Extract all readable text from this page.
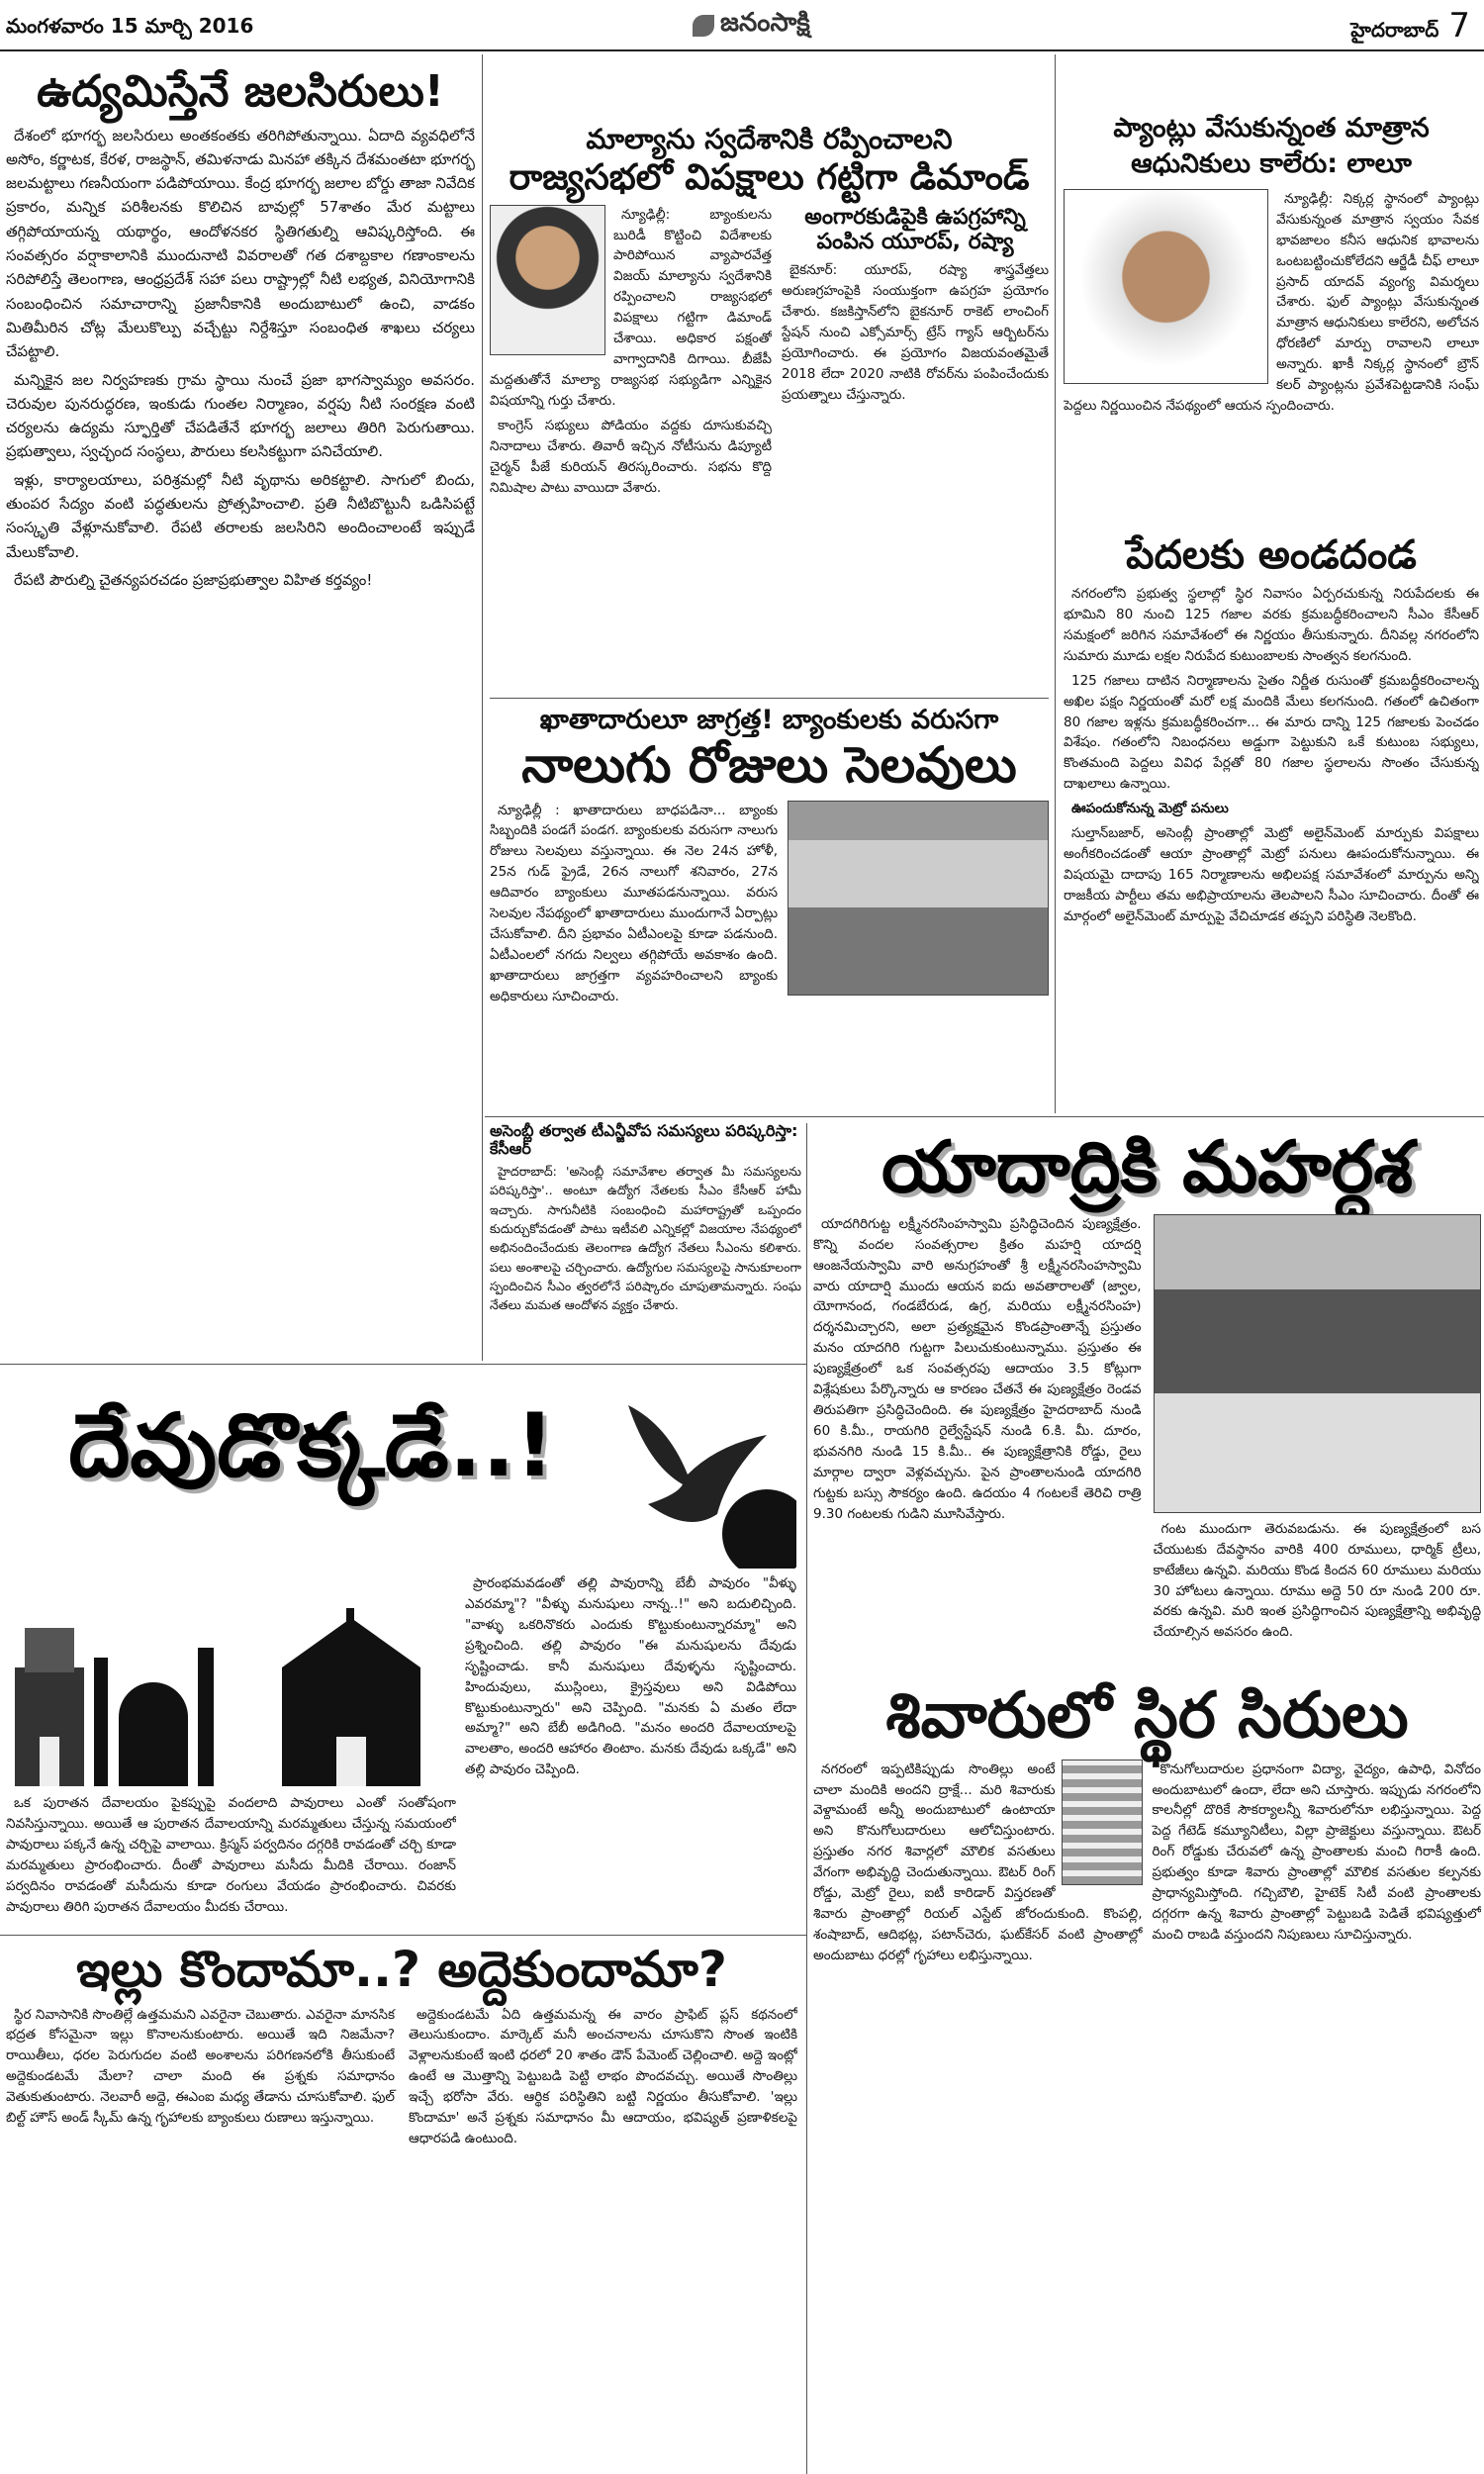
మంగళవారం 15 మార్చి 2016	జనంసాక్షి	హైదరాబాద్ 7
ఉద్యమిస్తేనే జలసిరులు!

దేశంలో భూగర్భ జలసిరులు అంతకంతకు తరిగిపోతున్నాయి. ఏదాది వ్యవధిలోనే అసోం, కర్ణాటక, కేరళ, రాజస్థాన్, తమిళనాడు మినహా తక్కిన దేశమంతటా భూగర్భ జలమట్టాలు గణనీయంగా పడిపోయాయి. కేంద్ర భూగర్భ జలాల బోర్డు తాజా నివేదిక ప్రకారం, మన్నిక పరిశీలనకు కొలిచిన బావుల్లో 57శాతం మేర మట్టాలు తగ్గిపోయాయన్న యథార్థం, ఆందోళనకర స్థితిగతుల్ని ఆవిష్కరిస్తోంది. ఈ సంవత్సరం వర్షాకాలానికి ముందునాటి వివరాలతో గత దశాబ్దకాల గణాంకాలను సరిపోలిస్తే తెలంగాణ, ఆంధ్రప్రదేశ్ సహా పలు రాష్ట్రాల్లో నీటి లభ్యత, వినియోగానికి సంబంధించిన సమాచారాన్ని ప్రజానీకానికి అందుబాటులో ఉంచి, వాడకం మితిమీరిన చోట్ల మేలుకొల్పు వచ్చేట్టు నిర్దేశిస్తూ సంబంధిత శాఖలు చర్యలు చేపట్టాలి.

మన్నికైన జల నిర్వహణకు గ్రామ స్థాయి నుంచే ప్రజా భాగస్వామ్యం అవసరం. చెరువుల పునరుద్ధరణ, ఇంకుడు గుంతల నిర్మాణం, వర్షపు నీటి సంరక్షణ వంటి చర్యలను ఉద్యమ స్ఫూర్తితో చేపడితేనే భూగర్భ జలాలు తిరిగి పెరుగుతాయి. ప్రభుత్వాలు, స్వచ్ఛంద సంస్థలు, పౌరులు కలసికట్టుగా పనిచేయాలి.

ఇళ్లు, కార్యాలయాలు, పరిశ్రమల్లో నీటి వృథాను అరికట్టాలి. సాగులో బిందు, తుంపర సేద్యం వంటి పద్ధతులను ప్రోత్సహించాలి. ప్రతి నీటిబొట్టునీ ఒడిసిపట్టే సంస్కృతి వేళ్లూనుకోవాలి. రేపటి తరాలకు జలసిరిని అందించాలంటే ఇప్పుడే మేలుకోవాలి.

రేపటి పౌరుల్ని చైతన్యపరచడం ప్రజాప్రభుత్వాల విహిత కర్తవ్యం!

మాల్యాను స్వదేశానికి రప్పించాలని
రాజ్యసభలో విపక్షాలు గట్టిగా డిమాండ్

న్యూఢిల్లీ: బ్యాంకులను బురిడీ కొట్టించి విదేశాలకు పారిపోయిన వ్యాపారవేత్త విజయ్ మాల్యాను స్వదేశానికి రప్పించాలని రాజ్యసభలో విపక్షాలు గట్టిగా డిమాండ్ చేశాయి. అధికార పక్షంతో వాగ్వాదానికి దిగాయి. బీజేపీ మద్దతుతోనే మాల్యా రాజ్యసభ సభ్యుడిగా ఎన్నికైన విషయాన్ని గుర్తు చేశారు.

కాంగ్రెస్ సభ్యులు పోడియం వద్దకు దూసుకువచ్చి నినాదాలు చేశారు. తివారీ ఇచ్చిన నోటీసును డిప్యూటీ చైర్మన్ పీజే కురియన్ తిరస్కరించారు. సభను కొద్ది నిమిషాల పాటు వాయిదా వేశారు.

అంగారకుడిపైకి ఉపగ్రహాన్ని పంపిన యూరప్, రష్యా

బైకనూర్: యూరప్, రష్యా శాస్త్రవేత్తలు అరుణగ్రహంపైకి సంయుక్తంగా ఉపగ్రహ ప్రయోగం చేశారు. కజకిస్తాన్‌లోని బైకనూర్ రాకెట్ లాంచింగ్ స్టేషన్ నుంచి ఎక్సోమార్స్ ట్రేస్ గ్యాస్ ఆర్బిటర్‌ను ప్రయోగించారు. ఈ ప్రయోగం విజయవంతమైతే 2018 లేదా 2020 నాటికి రోవర్‌ను పంపించేందుకు ప్రయత్నాలు చేస్తున్నారు.

ప్యాంట్లు వేసుకున్నంత మాత్రాన ఆధునికులు కాలేరు: లాలూ

న్యూఢిల్లీ: నిక్కర్ల స్థానంలో ప్యాంట్లు వేసుకున్నంత మాత్రాన స్వయం సేవక భావజాలం కనీస ఆధునిక భావాలను ఒంటబట్టించుకోలేదని ఆర్జేడీ చీఫ్ లాలూ ప్రసాద్ యాదవ్ వ్యంగ్య విమర్శలు చేశారు. ఫుల్ ప్యాంట్లు వేసుకున్నంత మాత్రాన ఆధునికులు కాలేరని, అలోచన ధోరణిలో మార్పు రావాలని లాలూ అన్నారు. ఖాకీ నిక్కర్ల స్థానంలో బ్రౌన్ కలర్ ప్యాంట్లను ప్రవేశపెట్టడానికి సంఘ్ పెద్దలు నిర్ణయించిన నేపథ్యంలో ఆయన స్పందించారు.

పేదలకు అండదండ

నగరంలోని ప్రభుత్వ స్థలాల్లో స్థిర నివాసం ఏర్పరచుకున్న నిరుపేదలకు ఈ భూమిని 80 నుంచి 125 గజాల వరకు క్రమబద్ధీకరించాలని సీఎం కేసీఆర్ సమక్షంలో జరిగిన సమావేశంలో ఈ నిర్ణయం తీసుకున్నారు. దీనివల్ల నగరంలోని సుమారు మూడు లక్షల నిరుపేద కుటుంబాలకు సాంత్వన కలగనుంది.

125 గజాలు దాటిన నిర్మాణాలను సైతం నిర్ణీత రుసుంతో క్రమబద్ధీకరించాలన్న అఖిల పక్షం నిర్ణయంతో మరో లక్ష మందికి మేలు కలగనుంది. గతంలో ఉచితంగా 80 గజాల ఇళ్లను క్రమబద్ధీకరించగా... ఈ మారు దాన్ని 125 గజాలకు పెంచడం విశేషం. గతంలోని నిబంధనలు అడ్డుగా పెట్టుకుని ఒకే కుటుంబ సభ్యులు, కొంతమంది పెద్దలు వివిధ పేర్లతో 80 గజాల స్థలాలను సొంతం చేసుకున్న దాఖలాలు ఉన్నాయి.

ఊపందుకోనున్న మెట్రో పనులు

సుల్తాన్‌బజార్, అసెంబ్లీ ప్రాంతాల్లో మెట్రో అలైన్‌మెంట్ మార్పుకు విపక్షాలు అంగీకరించడంతో ఆయా ప్రాంతాల్లో మెట్రో పనులు ఊపందుకోనున్నాయి. ఈ విషయమై దాదాపు 165 నిర్మాణాలను అభిలపక్ష సమావేశంలో మార్పును అన్ని రాజకీయ పార్టీలు తమ అభిప్రాయాలను తెలపాలని సీఎం సూచించారు. దీంతో ఈ మార్గంలో అలైన్‌మెంట్ మార్పుపై వేచిచూడక తప్పని పరిస్థితి నెలకొంది.

ఖాతాదారులూ జాగ్రత్త! బ్యాంకులకు వరుసగా
నాలుగు రోజులు సెలవులు

న్యూఢిల్లీ : ఖాతాదారులు బాధపడినా... బ్యాంకు సిబ్బందికి పండగే పండగ. బ్యాంకులకు వరుసగా నాలుగు రోజులు సెలవులు వస్తున్నాయి. ఈ నెల 24న హోళీ, 25న గుడ్ ఫ్రైడే, 26న నాలుగో శనివారం, 27న ఆదివారం బ్యాంకులు మూతపడనున్నాయి. వరుస సెలవుల నేపథ్యంలో ఖాతాదారులు ముందుగానే ఏర్పాట్లు చేసుకోవాలి. దీని ప్రభావం ఏటీఎంలపై కూడా పడనుంది. ఏటీఎంలలో నగదు నిల్వలు తగ్గిపోయే అవకాశం ఉంది. ఖాతాదారులు జాగ్రత్తగా వ్యవహరించాలని బ్యాంకు అధికారులు సూచించారు.

అసెంబ్లీ తర్వాత టీఎన్జీవోప సమస్యలు పరిష్కరిస్తా: కేసీఆర్

హైదరాబాద్: 'అసెంబ్లీ సమావేశాల తర్వాత మీ సమస్యలను పరిష్కరిస్తా'.. అంటూ ఉద్యోగ నేతలకు సీఎం కేసీఆర్ హామీ ఇచ్చారు. సాగునీటికి సంబంధించి మహారాష్ట్రతో ఒప్పందం కుదుర్చుకోవడంతో పాటు ఇటీవలి ఎన్నికల్లో విజయాల నేపథ్యంలో అభినందించేందుకు తెలంగాణ ఉద్యోగ నేతలు సీఎంను కలిశారు. పలు అంశాలపై చర్చించారు. ఉద్యోగుల సమస్యలపై సానుకూలంగా స్పందించిన సీఎం త్వరలోనే పరిష్కారం చూపుతామన్నారు. సంఘ నేతలు మమత ఆందోళన వ్యక్తం చేశారు.

యాదాద్రికి మహర్దశ

యాదగిరిగుట్ట లక్ష్మీనరసింహస్వామి ప్రసిద్ధిచెందిన పుణ్యక్షేత్రం. కొన్ని వందల సంవత్సరాల క్రితం మహర్షి యాదర్షి ఆంజనేయస్వామి వారి అనుగ్రహంతో శ్రీ లక్ష్మీనరసింహస్వామి వారు యాదార్షి ముందు ఆయన ఐదు అవతారాలతో (జ్వాల, యోగానంద, గండబేరుడ, ఉగ్ర, మరియు లక్ష్మీనరసింహ) దర్శనమిచ్చారని, అలా ప్రత్యక్షమైన కొండప్రాంతాన్నే ప్రస్తుతం మనం యాదగిరి గుట్టగా పిలుచుకుంటున్నాము. ప్రస్తుతం ఈ పుణ్యక్షేత్రంలో ఒక సంవత్సరపు ఆదాయం 3.5 కోట్లుగా విశ్లేషకులు పేర్కొన్నారు ఆ కారణం చేతనే ఈ పుణ్యక్షేత్రం రెండవ తిరుపతిగా ప్రసిద్ధిచెందింది. ఈ పుణ్యక్షేత్రం హైదరాబాద్ నుండి 60 కి.మీ., రాయగిరి రైల్వేస్టేషన్ నుండి 6.కి. మీ. దూరం, భువనగిరి నుండి 15 కి.మీ.. ఈ పుణ్యక్షేత్రానికి రోడ్డు, రైలు మార్గాల ద్వారా వెళ్లవచ్చును. పైన ప్రాంతాలనుండి యాదగిరి గుట్టకు బస్సు సౌకర్యం ఉంది. ఉదయం 4 గంటలకే తెరిచి రాత్రి 9.30 గంటలకు గుడిని మూసివేస్తారు.

గంట ముందుగా తెరువబడును. ఈ పుణ్యక్షేత్రంలో బస చేయుటకు దేవస్థానం వారికి 400 రూములు, ధార్మిక్ ట్రీలు, కాటేజీలు ఉన్నవి. మరియు కొండ కిందన 60 రూములు మరియు 30 హోటలు ఉన్నాయి. రూము అద్దె 50 రూ నుండి 200 రూ. వరకు ఉన్నవి. మరి ఇంత ప్రసిద్ధిగాంచిన పుణ్యక్షేత్రాన్ని అభివృద్ధి చేయాల్సిన అవసరం ఉంది.

దేవుడొక్కడే..!

ప్రారంభమవడంతో తల్లి పావురాన్ని బేబీ పావురం "వీళ్ళు ఎవరమ్మా"? "వీళ్ళు మనుషులు నాన్న..!" అని బదులిచ్చింది. "వాళ్ళు ఒకరినొకరు ఎందుకు కొట్టుకుంటున్నారమ్మా" అని ప్రశ్నించింది. తల్లి పావురం "ఈ మనుషులను దేవుడు సృష్టించాడు. కానీ మనుషులు దేవుళ్ళను సృష్టించారు. హిందువులు, ముస్లింలు, క్రైస్తవులు అని విడిపోయి కొట్టుకుంటున్నారు" అని చెప్పింది. "మనకు ఏ మతం లేదా అమ్మా?" అని బేబీ అడిగింది. "మనం అందరి దేవాలయాలపై వాలతాం, అందరి ఆహారం తింటాం. మనకు దేవుడు ఒక్కడే" అని తల్లి పావురం చెప్పింది.

ఒక పురాతన దేవాలయం పైకప్పుపై వందలాది పావురాలు ఎంతో సంతోషంగా నివసిస్తున్నాయి. అయితే ఆ పురాతన దేవాలయాన్ని మరమ్మతులు చేస్తున్న సమయంలో పావురాలు పక్కనే ఉన్న చర్చిపై వాలాయి. క్రిస్మస్ పర్వదినం దగ్గరికి రావడంతో చర్చి కూడా మరమ్మతులు ప్రారంభించారు. దీంతో పావురాలు మసీదు మీదికి చేరాయి. రంజాన్ పర్వదినం రావడంతో మసీదును కూడా రంగులు వేయడం ప్రారంభించారు. చివరకు పావురాలు తిరిగి పురాతన దేవాలయం మీదకు చేరాయి.

ఇల్లు కొందామా..? అద్దెకుందామా?

స్థిర నివాసానికి సొంతిల్లే ఉత్తమమని ఎవరైనా చెబుతారు. ఎవరైనా మానసిక భద్రత కోసమైనా ఇల్లు కొనాలనుకుంటారు. అయితే ఇది నిజమేనా? రాయితీలు, ధరల పెరుగుదల వంటి అంశాలను పరిగణనలోకి తీసుకుంటే అద్దెకుండటమే మేలా? చాలా మంది ఈ ప్రశ్నకు సమాధానం వెతుకుతుంటారు. నెలవారీ అద్దె, ఈఎంఐ మధ్య తేడాను చూసుకోవాలి. ఫుల్ బిల్ట్ హౌస్ అండ్ స్కీమ్ ఉన్న గృహాలకు బ్యాంకులు రుణాలు ఇస్తున్నాయి.

అద్దెకుండటమే ఏది ఉత్తమమన్న ఈ వారం ప్రాఫిట్ ప్లస్ కథనంలో తెలుసుకుందాం. మార్కెట్ మనీ అంచనాలను చూసుకొని సొంత ఇంటికి వెళ్లాలనుకుంటే ఇంటి ధరలో 20 శాతం డౌన్ పేమెంట్ చెల్లించాలి. అద్దె ఇంట్లో ఉంటే ఆ మొత్తాన్ని పెట్టుబడి పెట్టి లాభం పొందవచ్చు. అయితే సొంతిల్లు ఇచ్చే భరోసా వేరు. ఆర్థిక పరిస్థితిని బట్టి నిర్ణయం తీసుకోవాలి. 'ఇల్లు కొందామా' అనే ప్రశ్నకు సమాధానం మీ ఆదాయం, భవిష్యత్ ప్రణాళికలపై ఆధారపడి ఉంటుంది.

శివారులో స్థిర సిరులు

నగరంలో ఇప్పటికిప్పుడు సొంతిల్లు అంటే చాలా మందికి అందని ద్రాక్షే... మరి శివారుకు వెళ్దామంటే అన్నీ అందుబాటులో ఉంటాయా అని కొనుగోలుదారులు ఆలోచిస్తుంటారు. ప్రస్తుతం నగర శివార్లలో మౌలిక వసతులు వేగంగా అభివృద్ధి చెందుతున్నాయి. ఔటర్ రింగ్ రోడ్డు, మెట్రో రైలు, ఐటీ కారిడార్ విస్తరణతో శివారు ప్రాంతాల్లో రియల్ ఎస్టేట్ జోరందుకుంది. కొంపల్లి, శంషాబాద్, ఆదిభట్ల, పటాన్‌చెరు, ఘట్‌కేసర్ వంటి ప్రాంతాల్లో అందుబాటు ధరల్లో గృహాలు లభిస్తున్నాయి.

కొనుగోలుదారుల ప్రధానంగా విద్యా, వైద్యం, ఉపాధి, వినోదం అందుబాటులో ఉందా, లేదా అని చూస్తారు. ఇప్పుడు నగరంలోని కాలనీల్లో దొరికే సౌకర్యాలన్నీ శివారులోనూ లభిస్తున్నాయి. పెద్ద పెద్ద గేటెడ్ కమ్యూనిటీలు, విల్లా ప్రాజెక్టులు వస్తున్నాయి. ఔటర్ రింగ్ రోడ్డుకు చేరువలో ఉన్న ప్రాంతాలకు మంచి గిరాకీ ఉంది. ప్రభుత్వం కూడా శివారు ప్రాంతాల్లో మౌలిక వసతుల కల్పనకు ప్రాధాన్యమిస్తోంది. గచ్చిబౌలి, హైటెక్ సిటీ వంటి ప్రాంతాలకు దగ్గరగా ఉన్న శివారు ప్రాంతాల్లో పెట్టుబడి పెడితే భవిష్యత్తులో మంచి రాబడి వస్తుందని నిపుణులు సూచిస్తున్నారు.
